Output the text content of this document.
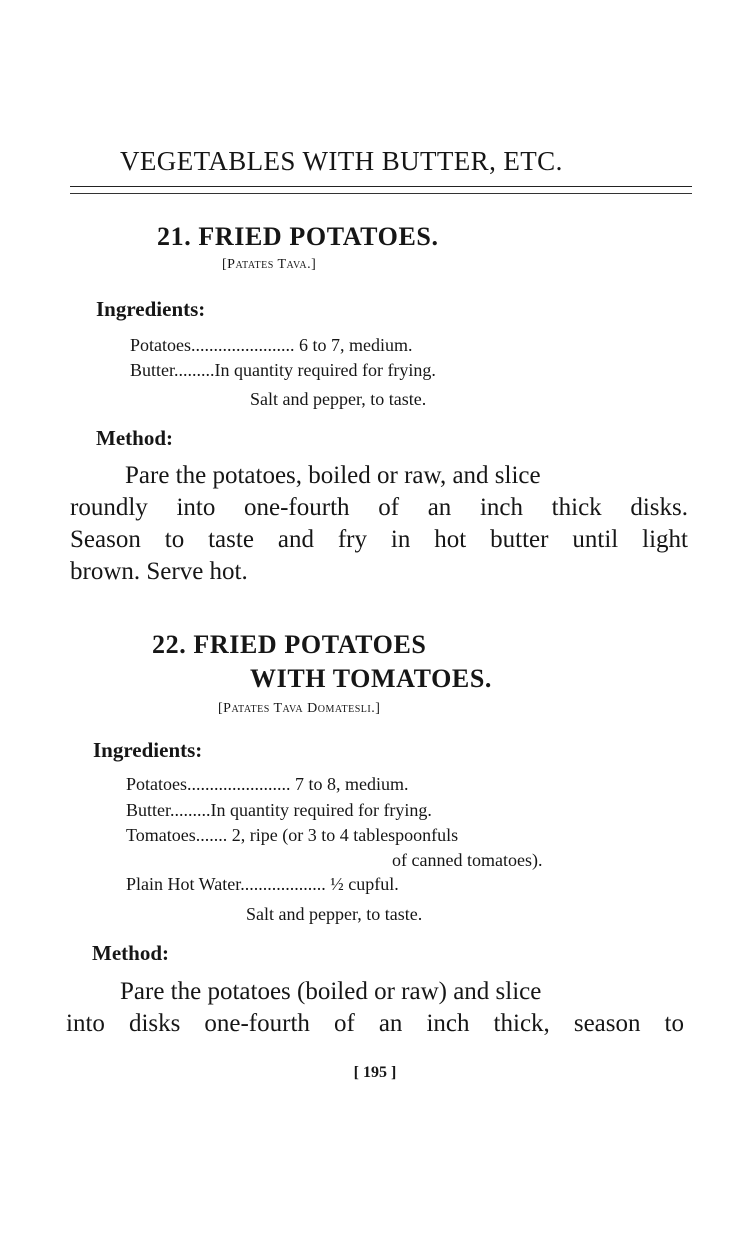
VEGETABLES WITH BUTTER, ETC.
21. FRIED POTATOES.
[Patates Tava.]
Ingredients:
Potatoes....................... 6 to 7, medium.
Butter.........In quantity required for frying.
Salt and pepper, to taste.
Method:
Pare the potatoes, boiled or raw, and slice
roundly into one-fourth of an inch thick disks.
Season to taste and fry in hot butter until light
brown. Serve hot.
22. FRIED POTATOES
WITH TOMATOES.
[Patates Tava Domatesli.]
Ingredients:
Potatoes....................... 7 to 8, medium.
Butter.........In quantity required for frying.
Tomatoes....... 2, ripe (or 3 to 4 tablespoonfuls
of canned tomatoes).
Plain Hot Water................... ½ cupful.
Salt and pepper, to taste.
Method:
Pare the potatoes (boiled or raw) and slice
into disks one-fourth of an inch thick, season to
[ 195 ]
